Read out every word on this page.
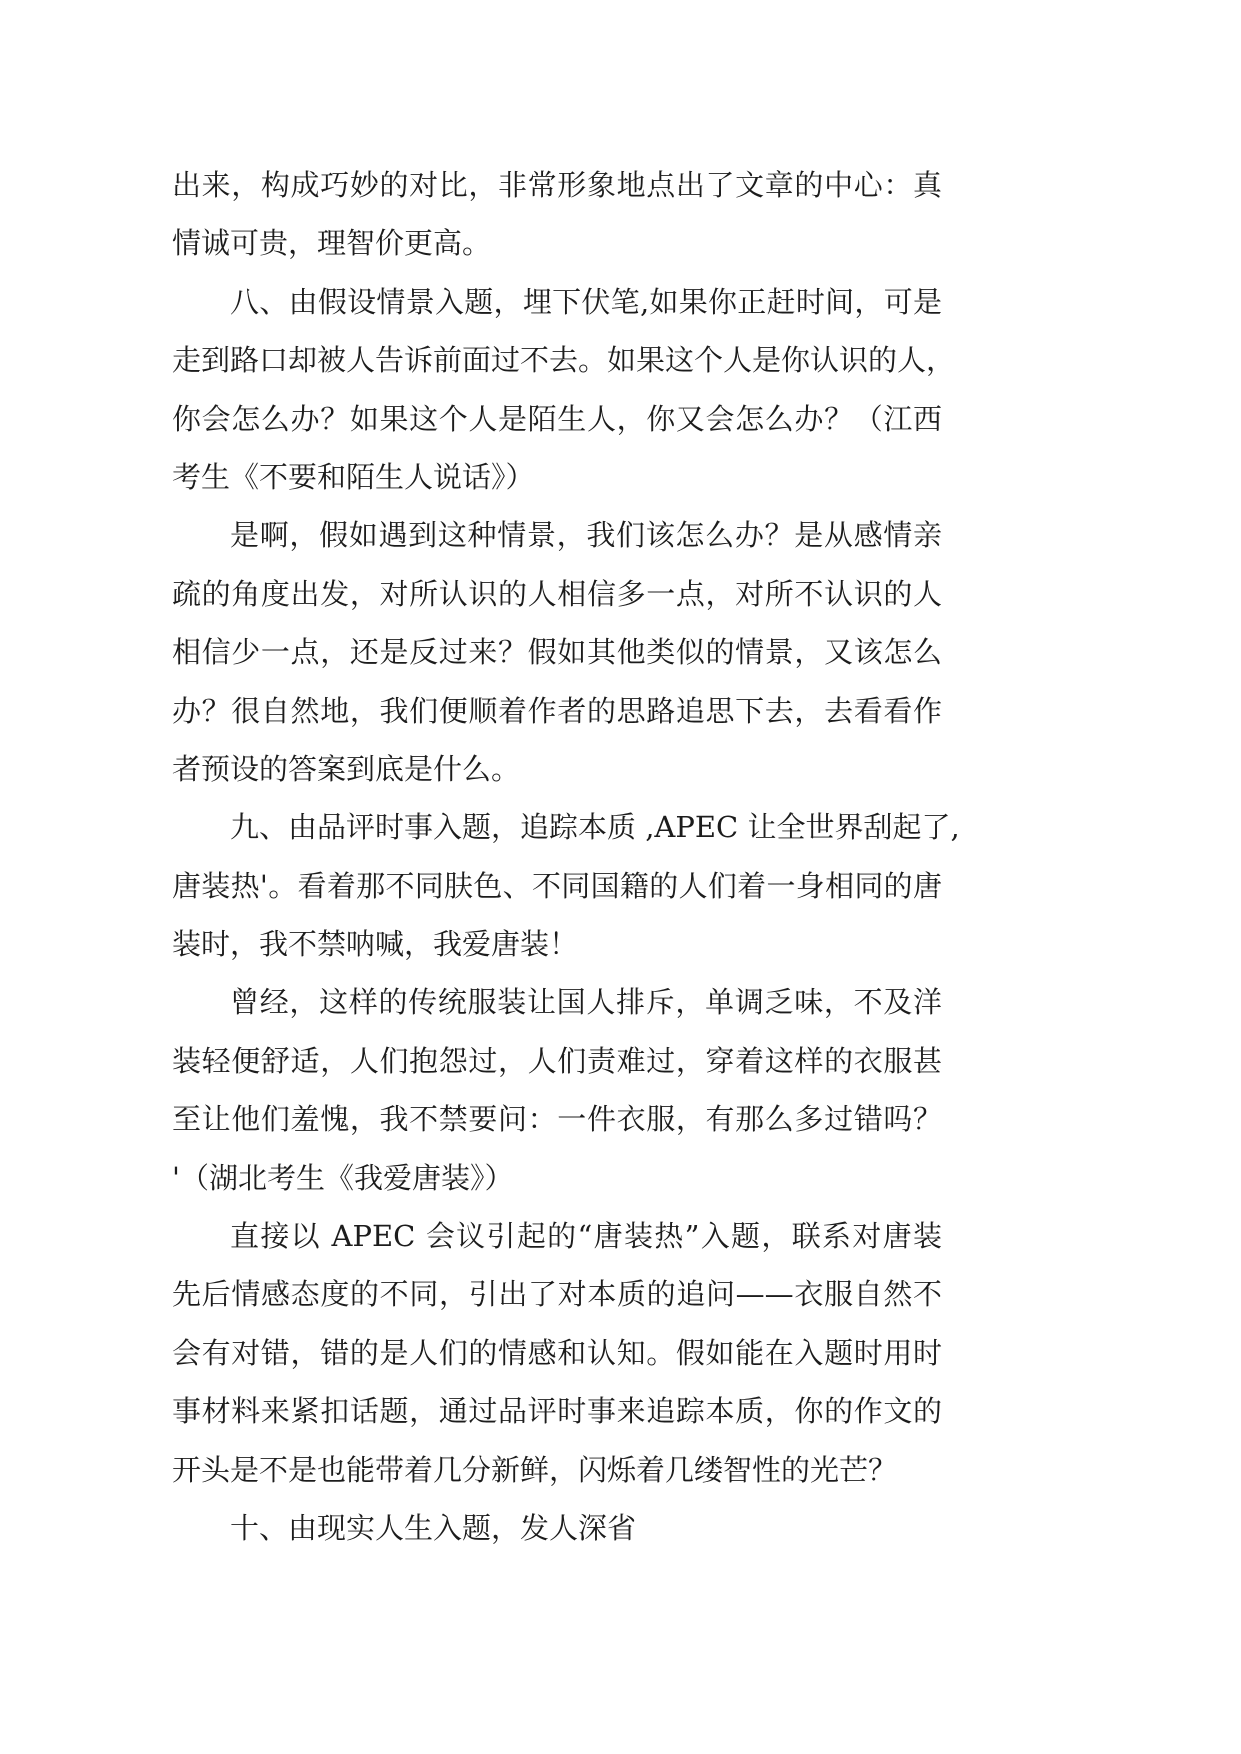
出来，构成巧妙的对比，非常形象地点出了文章的中心：真
情诚可贵，理智价更高。
八、由假设情景入题，埋下伏笔,如果你正赶时间，可是
走到路口却被人告诉前面过不去。如果这个人是你认识的人，
你会怎么办？如果这个人是陌生人，你又会怎么办？（江西
考生《不要和陌生人说话》）
是啊，假如遇到这种情景，我们该怎么办？是从感情亲
疏的角度出发，对所认识的人相信多一点，对所不认识的人
相信少一点，还是反过来？假如其他类似的情景，又该怎么
办？很自然地，我们便顺着作者的思路追思下去，去看看作
者预设的答案到底是什么。
九、由品评时事入题，追踪本质 ,APEC 让全世界刮起了,
唐装热'。看着那不同肤色、不同国籍的人们着一身相同的唐
装时，我不禁呐喊，我爱唐装！
曾经，这样的传统服装让国人排斥，单调乏味，不及洋
装轻便舒适，人们抱怨过，人们责难过，穿着这样的衣服甚
至让他们羞愧，我不禁要问：一件衣服，有那么多过错吗？
'（湖北考生《我爱唐装》）
直接以 APEC 会议引起的“唐装热”入题，联系对唐装
先后情感态度的不同，引出了对本质的追问——衣服自然不
会有对错，错的是人们的情感和认知。假如能在入题时用时
事材料来紧扣话题，通过品评时事来追踪本质，你的作文的
开头是不是也能带着几分新鲜，闪烁着几缕智性的光芒？
十、由现实人生入题，发人深省
